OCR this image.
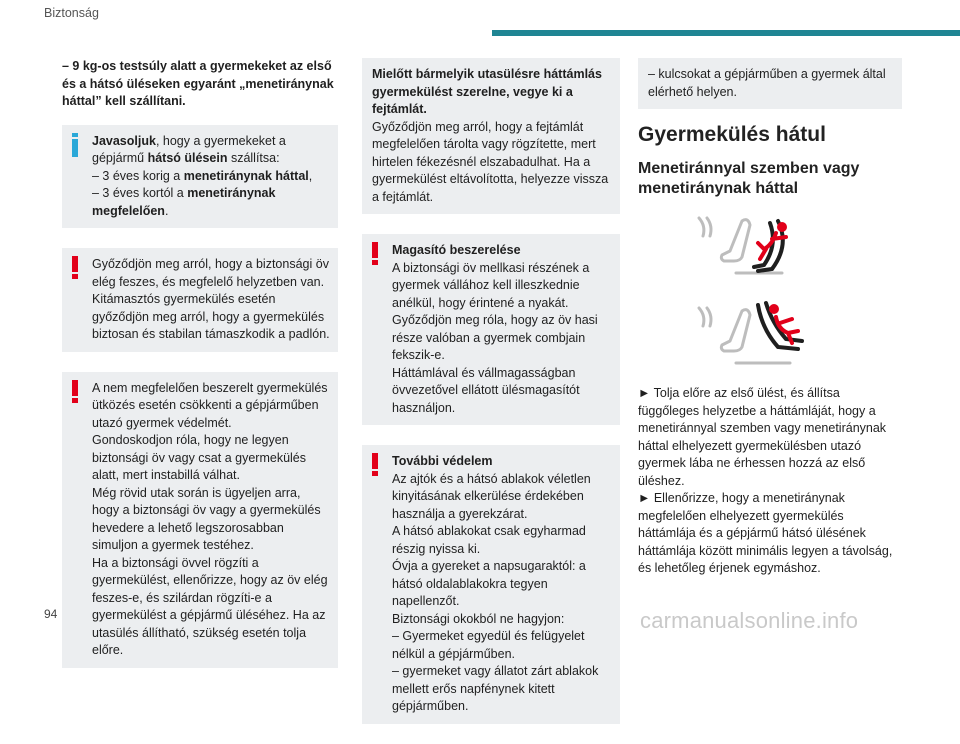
Biztonság

– 9 kg-os testsúly alatt a gyermekeket az első és a hátsó üléseken egyaránt „menetiránynak háttal” kell szállítani.

Javasoljuk, hogy a gyermekeket a gépjármű hátsó ülésein szállítsa:

– 3 éves korig a menetiránynak háttal,

– 3 éves kortól a menetiránynak megfelelően.

Győződjön meg arról, hogy a biztonsági öv elég feszes, és megfelelő helyzetben van.

Kitámasztós gyermekülés esetén győződjön meg arról, hogy a gyermekülés biztosan és stabilan támaszkodik a padlón.

A nem megfelelően beszerelt gyermekülés ütközés esetén csökkenti a gépjárműben utazó gyermek védelmét.

Gondoskodjon róla, hogy ne legyen biztonsági öv vagy csat a gyermekülés alatt, mert instabillá válhat.

Még rövid utak során is ügyeljen arra, hogy a biztonsági öv vagy a gyermekülés hevedere a lehető legszorosabban simuljon a gyermek testéhez.

Ha a biztonsági övvel rögzíti a gyermekülést, ellenőrizze, hogy az öv elég feszes-e, és szilárdan rögzíti-e a gyermekülést a gépjármű üléséhez. Ha az utasülés állítható, szükség esetén tolja előre.

Mielőtt bármelyik utasülésre háttámlás gyermekülést szerelne, vegye ki a fejtámlát.

Győződjön meg arról, hogy a fejtámlát megfelelően tárolta vagy rögzítette, mert hirtelen fékezésnél elszabadulhat. Ha a gyermekülést eltávolította, helyezze vissza a fejtámlát.

Magasító beszerelése

A biztonsági öv mellkasi részének a gyermek vállához kell illeszkednie anélkül, hogy érintené a nyakát.

Győződjön meg róla, hogy az öv hasi része valóban a gyermek combjain fekszik-e.

Háttámlával és vállmagasságban övvezetővel ellátott ülésmagasítót használjon.

További védelem

Az ajtók és a hátsó ablakok véletlen kinyitásának elkerülése érdekében használja a gyerekzárat.

A hátsó ablakokat csak egyharmad részig nyissa ki.

Óvja a gyereket a napsugaraktól: a hátsó oldalablakokra tegyen napellenzőt.

Biztonsági okokból ne hagyjon:

– Gyermeket egyedül és felügyelet nélkül a gépjárműben.

– gyermeket vagy állatot zárt ablakok mellett erős napfénynek kitett gépjárműben.

– kulcsokat a gépjárműben a gyermek által elérhető helyen.

Gyermekülés hátul
Menetiránnyal szemben vagy menetiránynak háttal

► Tolja előre az első ülést, és állítsa függőleges helyzetbe a háttámláját, hogy a menetiránnyal szemben vagy menetiránynak háttal elhelyezett gyermekülésben utazó gyermek lába ne érhessen hozzá az első üléshez.

► Ellenőrizze, hogy a menetiránynak megfelelően elhelyezett gyermekülés háttámlája és a gépjármű hátsó ülésének háttámlája között minimális legyen a távolság, és lehetőleg érjenek egymáshoz.

94	carmanualsonline.info
